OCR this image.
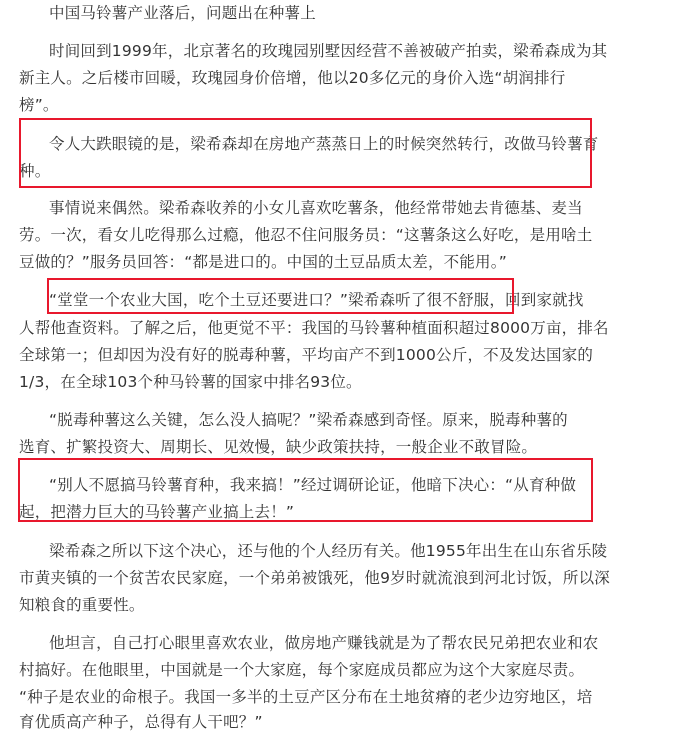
中国马铃薯产业落后，问题出在种薯上
时间回到1999年，北京著名的玫瑰园别墅因经营不善被破产拍卖，梁希森成为其
新主人。之后楼市回暖，玫瑰园身价倍增，他以20多亿元的身价入选“胡润排行
榜”。
令人大跌眼镜的是，梁希森却在房地产蒸蒸日上的时候突然转行，改做马铃薯育
种。
事情说来偶然。梁希森收养的小女儿喜欢吃薯条，他经常带她去肯德基、麦当
劳。一次，看女儿吃得那么过瘾，他忍不住问服务员：“这薯条这么好吃，是用啥土
豆做的？”服务员回答：“都是进口的。中国的土豆品质太差，不能用。”
“堂堂一个农业大国，吃个土豆还要进口？”梁希森听了很不舒服，回到家就找
人帮他查资料。了解之后，他更觉不平：我国的马铃薯种植面积超过8000万亩，排名
全球第一；但却因为没有好的脱毒种薯，平均亩产不到1000公斤，不及发达国家的
1/3，在全球103个种马铃薯的国家中排名93位。
“脱毒种薯这么关键，怎么没人搞呢？”梁希森感到奇怪。原来，脱毒种薯的
选育、扩繁投资大、周期长、见效慢，缺少政策扶持，一般企业不敢冒险。
“别人不愿搞马铃薯育种，我来搞！”经过调研论证，他暗下决心：“从育种做
起，把潜力巨大的马铃薯产业搞上去！”
梁希森之所以下这个决心，还与他的个人经历有关。他1955年出生在山东省乐陵
市黄夹镇的一个贫苦农民家庭，一个弟弟被饿死，他9岁时就流浪到河北讨饭，所以深
知粮食的重要性。
他坦言，自己打心眼里喜欢农业，做房地产赚钱就是为了帮农民兄弟把农业和农
村搞好。在他眼里，中国就是一个大家庭，每个家庭成员都应为这个大家庭尽责。
“种子是农业的命根子。我国一多半的土豆产区分布在土地贫瘠的老少边穷地区，培
育优质高产种子，总得有人干吧？”
